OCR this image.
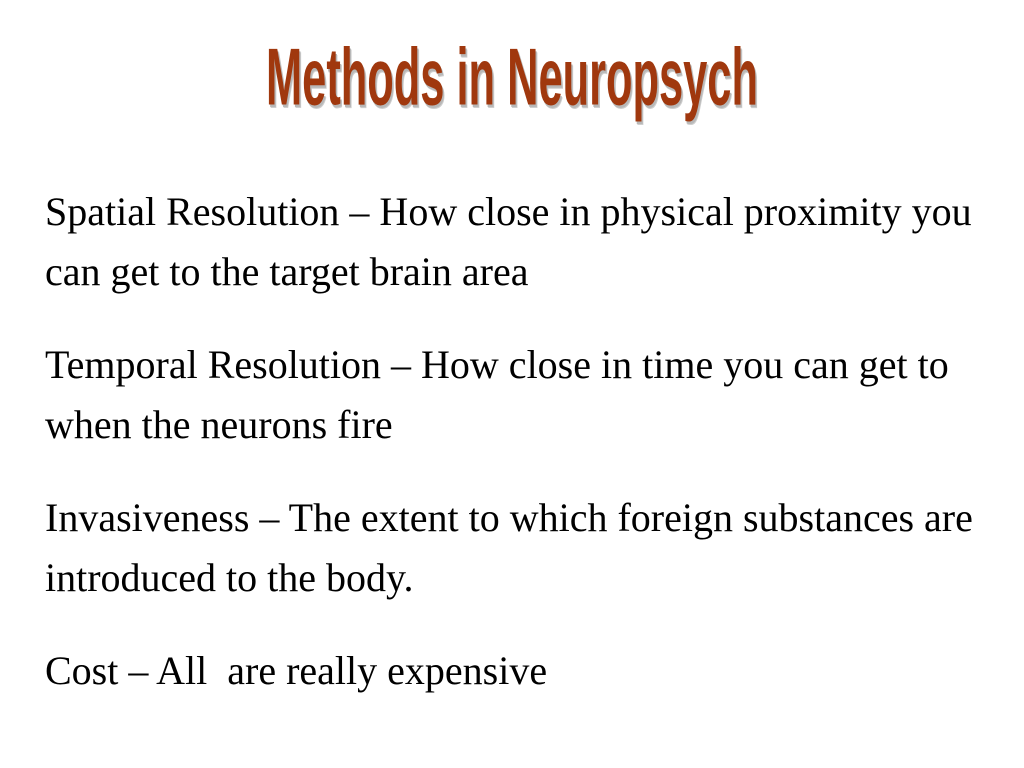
Methods in Neuropsych

Spatial Resolution – How close in physical proximity you can get to the target brain area

Temporal Resolution – How close in time you can get to when the neurons fire

Invasiveness – The extent to which foreign substances are introduced to the body.

Cost – All  are really expensive
